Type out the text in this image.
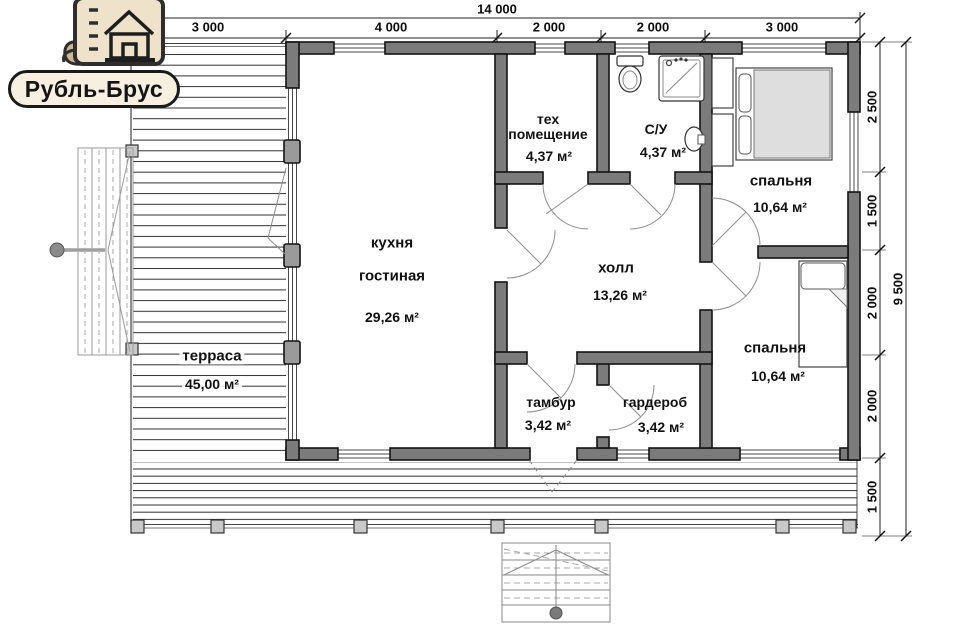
Рубль-Брус
14 000
3 000	4 000	2 000	2 000	3 000
2 500
1 500
2 000
2 000
1 500
9 500
терраса
45,00 м²
кухня
гостиная
29,26 м²
тех
помещение
4,37 м²
С/У
4,37 м²
спальня
10,64 м²
холл
13,26 м²
спальня
10,64 м²
тамбур
3,42 м²
гардероб
3,42 м²
